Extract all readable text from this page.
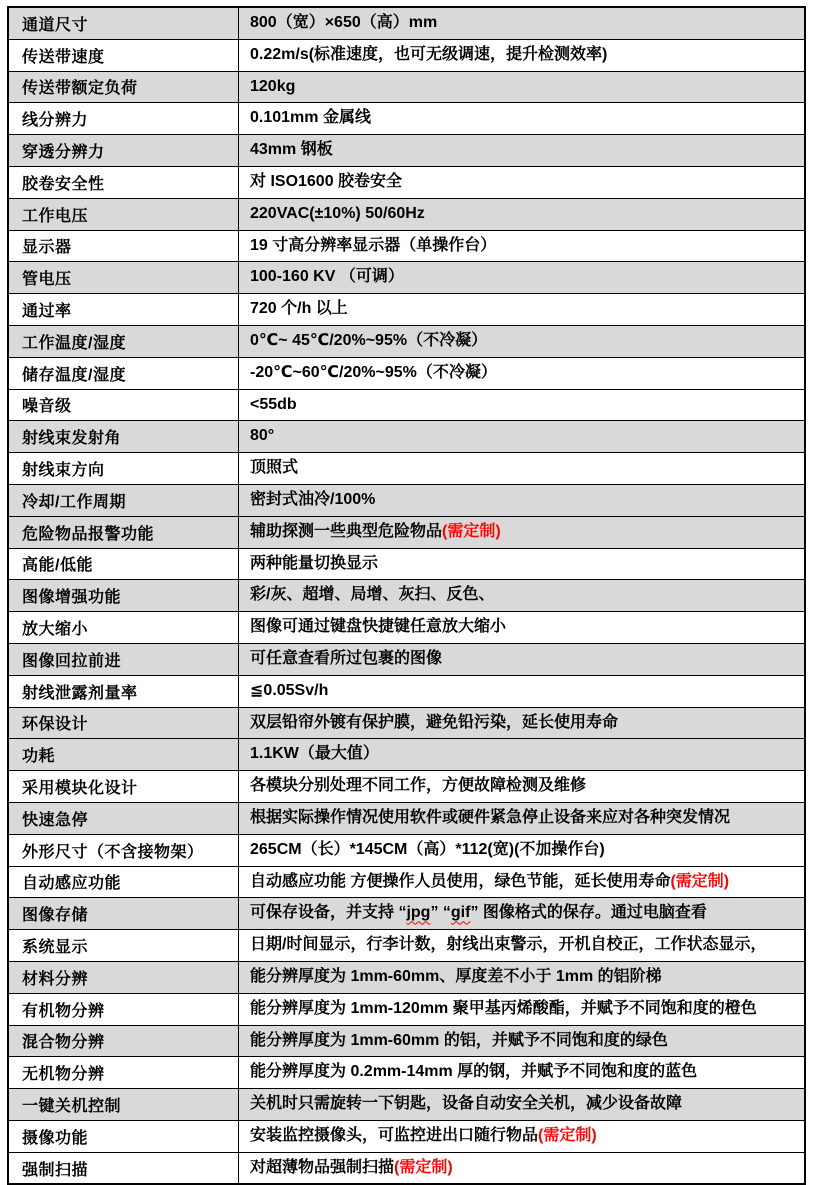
通道尺寸	800（宽）×650（高）mm
传送带速度	0.22m/s(标准速度，也可无级调速，提升检测效率)
传送带额定负荷	120kg
线分辨力	0.101mm 金属线
穿透分辨力	43mm 钢板
胶卷安全性	对 ISO1600 胶卷安全
工作电压	220VAC(±10%) 50/60Hz
显示器	19 寸高分辨率显示器（单操作台）
管电压	100-160 KV （可调）
通过率	720 个/h 以上
工作温度/湿度	0℃~ 45℃/20%~95%（不冷凝）
储存温度/湿度	-20℃~60℃/20%~95%（不冷凝）
噪音级	<55db
射线束发射角	80°
射线束方向	顶照式
冷却/工作周期	密封式油冷/100%
危险物品报警功能	辅助探测一些典型危险物品(需定制)
高能/低能	两种能量切换显示
图像增强功能	彩/灰、超增、局增、灰扫、反色、
放大缩小	图像可通过键盘快捷键任意放大缩小
图像回拉前进	可任意查看所过包裹的图像
射线泄露剂量率	≦0.05Sv/h
环保设计	双层铅帘外镀有保护膜，避免铅污染，延长使用寿命
功耗	1.1KW（最大值）
采用模块化设计	各模块分别处理不同工作，方便故障检测及维修
快速急停	根据实际操作情况使用软件或硬件紧急停止设备来应对各种突发情况
外形尺寸（不含接物架）	265CM（长）*145CM（高）*112(宽)(不加操作台)
自动感应功能	自动感应功能 方便操作人员使用，绿色节能，延长使用寿命(需定制)
图像存储	可保存设备，并支持 “jpg” “gif” 图像格式的保存。通过电脑查看
系统显示	日期/时间显示，行李计数，射线出束警示，开机自校正，工作状态显示，
材料分辨	能分辨厚度为 1mm-60mm、厚度差不小于 1mm 的铝阶梯
有机物分辨	能分辨厚度为 1mm-120mm 聚甲基丙烯酸酯，并赋予不同饱和度的橙色
混合物分辨	能分辨厚度为 1mm-60mm 的铝，并赋予不同饱和度的绿色
无机物分辨	能分辨厚度为 0.2mm-14mm 厚的钢，并赋予不同饱和度的蓝色
一键关机控制	关机时只需旋转一下钥匙，设备自动安全关机，减少设备故障
摄像功能	安装监控摄像头，可监控进出口随行物品(需定制)
强制扫描	对超薄物品强制扫描(需定制)
